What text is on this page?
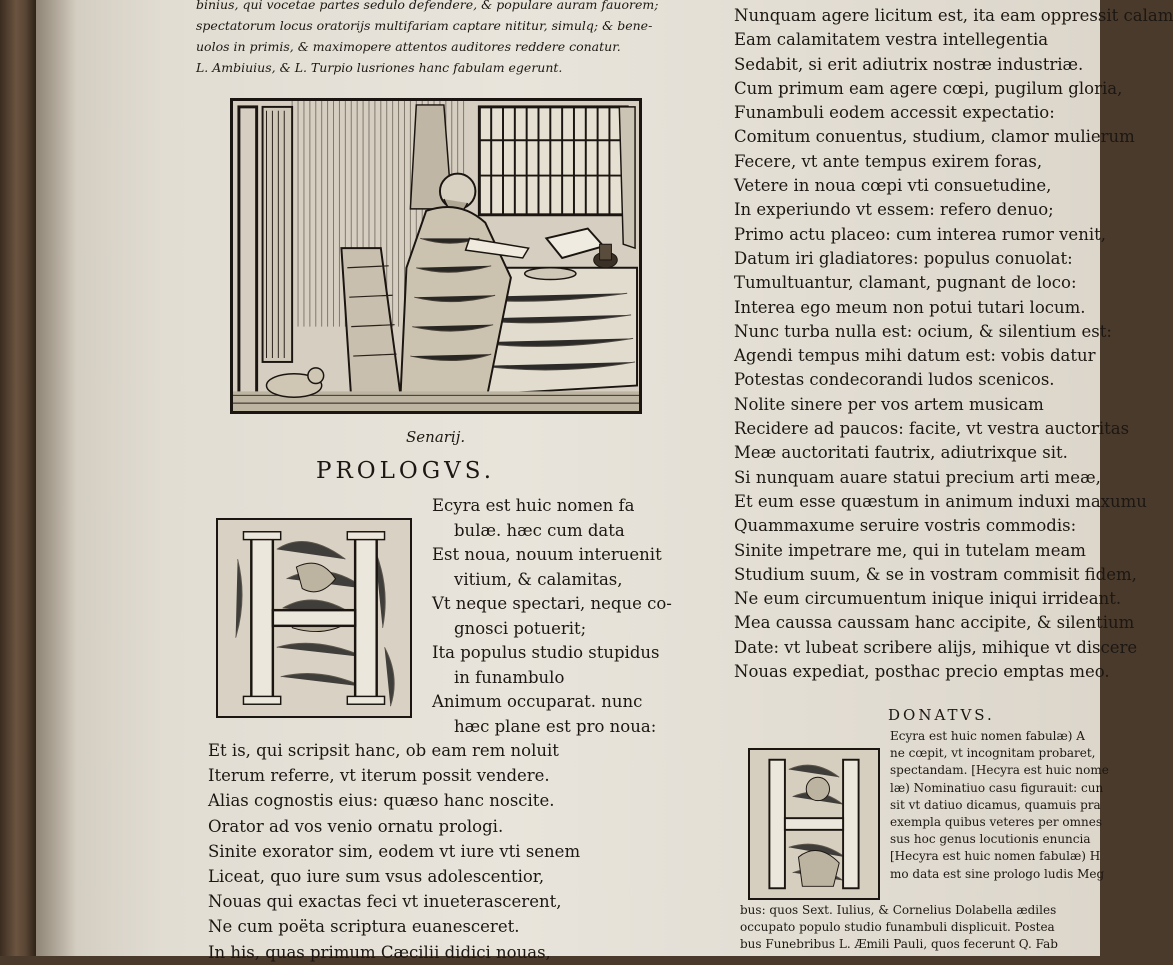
binius, qui vocetae partes sedulo defendere, & populare auram fauorem;
spectatorum locus oratorijs multifariam captare nititur, simulq; & bene-
uolos in primis, & maximopere attentos auditores reddere conatur.
L. Ambiuius, & L. Turpio lusriones hanc fabulam egerunt.
Senarij.
PROLOGVS.
Ecyra est huic nomen fa
bulæ. hæc cum data
Est noua, nouum interuenit
vitium, & calamitas,
Vt neque spectari, neque co-
gnosci potuerit;
Ita populus studio stupidus
in funambulo
Animum occuparat. nunc
hæc plane est pro noua:
Et is, qui scripsit hanc, ob eam rem noluit
Iterum referre, vt iterum possit vendere.
Alias cognostis eius: quæso hanc noscite.
Orator ad vos venio ornatu prologi.
Sinite exorator sim, eodem vt iure vti senem
Liceat, quo iure sum vsus adolescentior,
Nouas qui exactas feci vt inueterascerent,
Ne cum poëta scriptura euanesceret.
In his, quas primum Cæcilii didici nouas,
Nunquam agere licitum est, ita eam oppressit calam
Eam calamitatem vestra intellegentia
Sedabit, si erit adiutrix nostræ industriæ.
Cum primum eam agere cœpi, pugilum gloria,
Funambuli eodem accessit expectatio:
Comitum conuentus, studium, clamor mulierum
Fecere, vt ante tempus exirem foras,
Vetere in noua cœpi vti consuetudine,
In experiundo vt essem: refero denuo;
Primo actu placeo: cum interea rumor venit,
Datum iri gladiatores: populus conuolat:
Tumultuantur, clamant, pugnant de loco:
Interea ego meum non potui tutari locum.
Nunc turba nulla est: ocium, & silentium est:
Agendi tempus mihi datum est: vobis datur
Potestas condecorandi ludos scenicos.
Nolite sinere per vos artem musicam
Recidere ad paucos: facite, vt vestra auctoritas
Meæ auctoritati fautrix, adiutrixque sit.
Si nunquam auare statui precium arti meæ,
Et eum esse quæstum in animum induxi maxumu
Quammaxume seruire vostris commodis:
Sinite impetrare me, qui in tutelam meam
Studium suum, & se in vostram commisit fidem,
Ne eum circumuentum inique iniqui irrideant.
Mea caussa caussam hanc accipite, & silentium
Date: vt lubeat scribere alijs, mihique vt discere
Nouas expediat, posthac precio emptas meo.
DONATVS.
Ecyra est huic nomen fabulæ) A
ne cœpit, vt incognitam probaret,
spectandam. [Hecyra est huic nome
læ) Nominatiuo casu figurauit: cun
sit vt datiuo dicamus, quamuis pra
exempla quibus veteres per omnes
sus hoc genus locutionis enuncia
[Hecyra est huic nomen fabulæ) H
mo data est sine prologo ludis Meg
bus: quos Sext. Iulius, & Cornelius Dolabella ædiles
occupato populo studio funambuli displicuit. Postea
bus Funebribus L. Æmili Pauli, quos fecerunt Q. Fab
